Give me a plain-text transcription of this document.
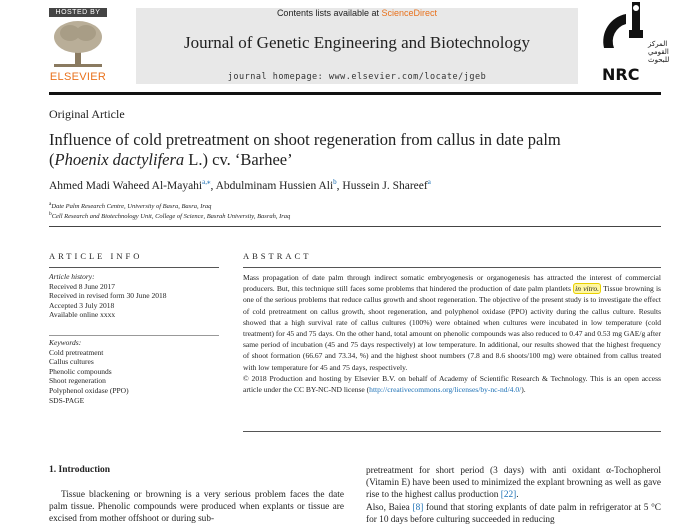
HOSTED BY
ELSEVIER
Contents lists available at ScienceDirect
Journal of Genetic Engineering and Biotechnology
journal homepage: www.elsevier.com/locate/jgeb
المركز
القومي
للبحوث
NRC
Original Article
Influence of cold pretreatment on shoot regeneration from callus in date palm (Phoenix dactylifera L.) cv. ‘Barhee’
Ahmed Madi Waheed Al-Mayahi$^{a,⁎}$, Abdulminam Hussien Ali$^b$, Hussein J. Shareef$^a$
$^a$Date Palm Research Centre, University of Basra, Basra, Iraq
$^b$Cell Research and Biotechnology Unit, College of Science, Basrah University, Basrah, Iraq
ARTICLE INFO
Article history:
Received 8 June 2017
Received in revised form 30 June 2018
Accepted 3 July 2018
Available online xxxx
Keywords:
Cold pretreatment
Callus cultures
Phenolic compounds
Shoot regeneration
Polyphenol oxidase (PPO)
SDS-PAGE
ABSTRACT
Mass propagation of date palm through indirect somatic embryogenesis or organogenesis has attracted the interest of commercial producers. But, this technique still faces some problems that hindered the production of date palm plantlets in vitro. Tissue browning is one of the serious problems that reduce callus growth and shoot regeneration. The objective of the present study is to investigate the effect of cold pretreatment on callus growth, shoot regeneration, and polyphenol oxidase (PPO) activity during the callus culture. Results showed that a high survival rate of callus cultures (100%) were obtained when cultures were incubated in low temperature (cold treatment) for 45 and 75 days. On the other hand, total amount on phenolic compounds was also reduced to 0.47 and 0.53 mg GAE/g after same period of incubation (45 and 75 days respectively) at low temperature. In additional, our results showed that the highest frequency of shoot formation (66.67 and 73.34, %) and the highest shoot numbers (7.8 and 8.6 shoots/100 mg) were obtained from callus treated with low temperature for 45 and 75 days, respectively.
© 2018 Production and hosting by Elsevier B.V. on behalf of Academy of Scientific Research & Technology. This is an open access article under the CC BY-NC-ND license (http://creativecommons.org/licenses/by-nc-nd/4.0/).
1. Introduction
Tissue blackening or browning is a very serious problem faces the date palm tissue. Phenolic compounds were produced when explants or tissue are excised from mother offshoot or during sub-
pretreatment for short period (3 days) with anti oxidant α-Tochopherol (Vitamin E) have been used to minimized the explant browning as well as gave rise to the highest callus production [22].
Also, Baiea [8] found that storing explants of date palm in refrigerator at 5 °C for 10 days before culturing succeeded in reducing
